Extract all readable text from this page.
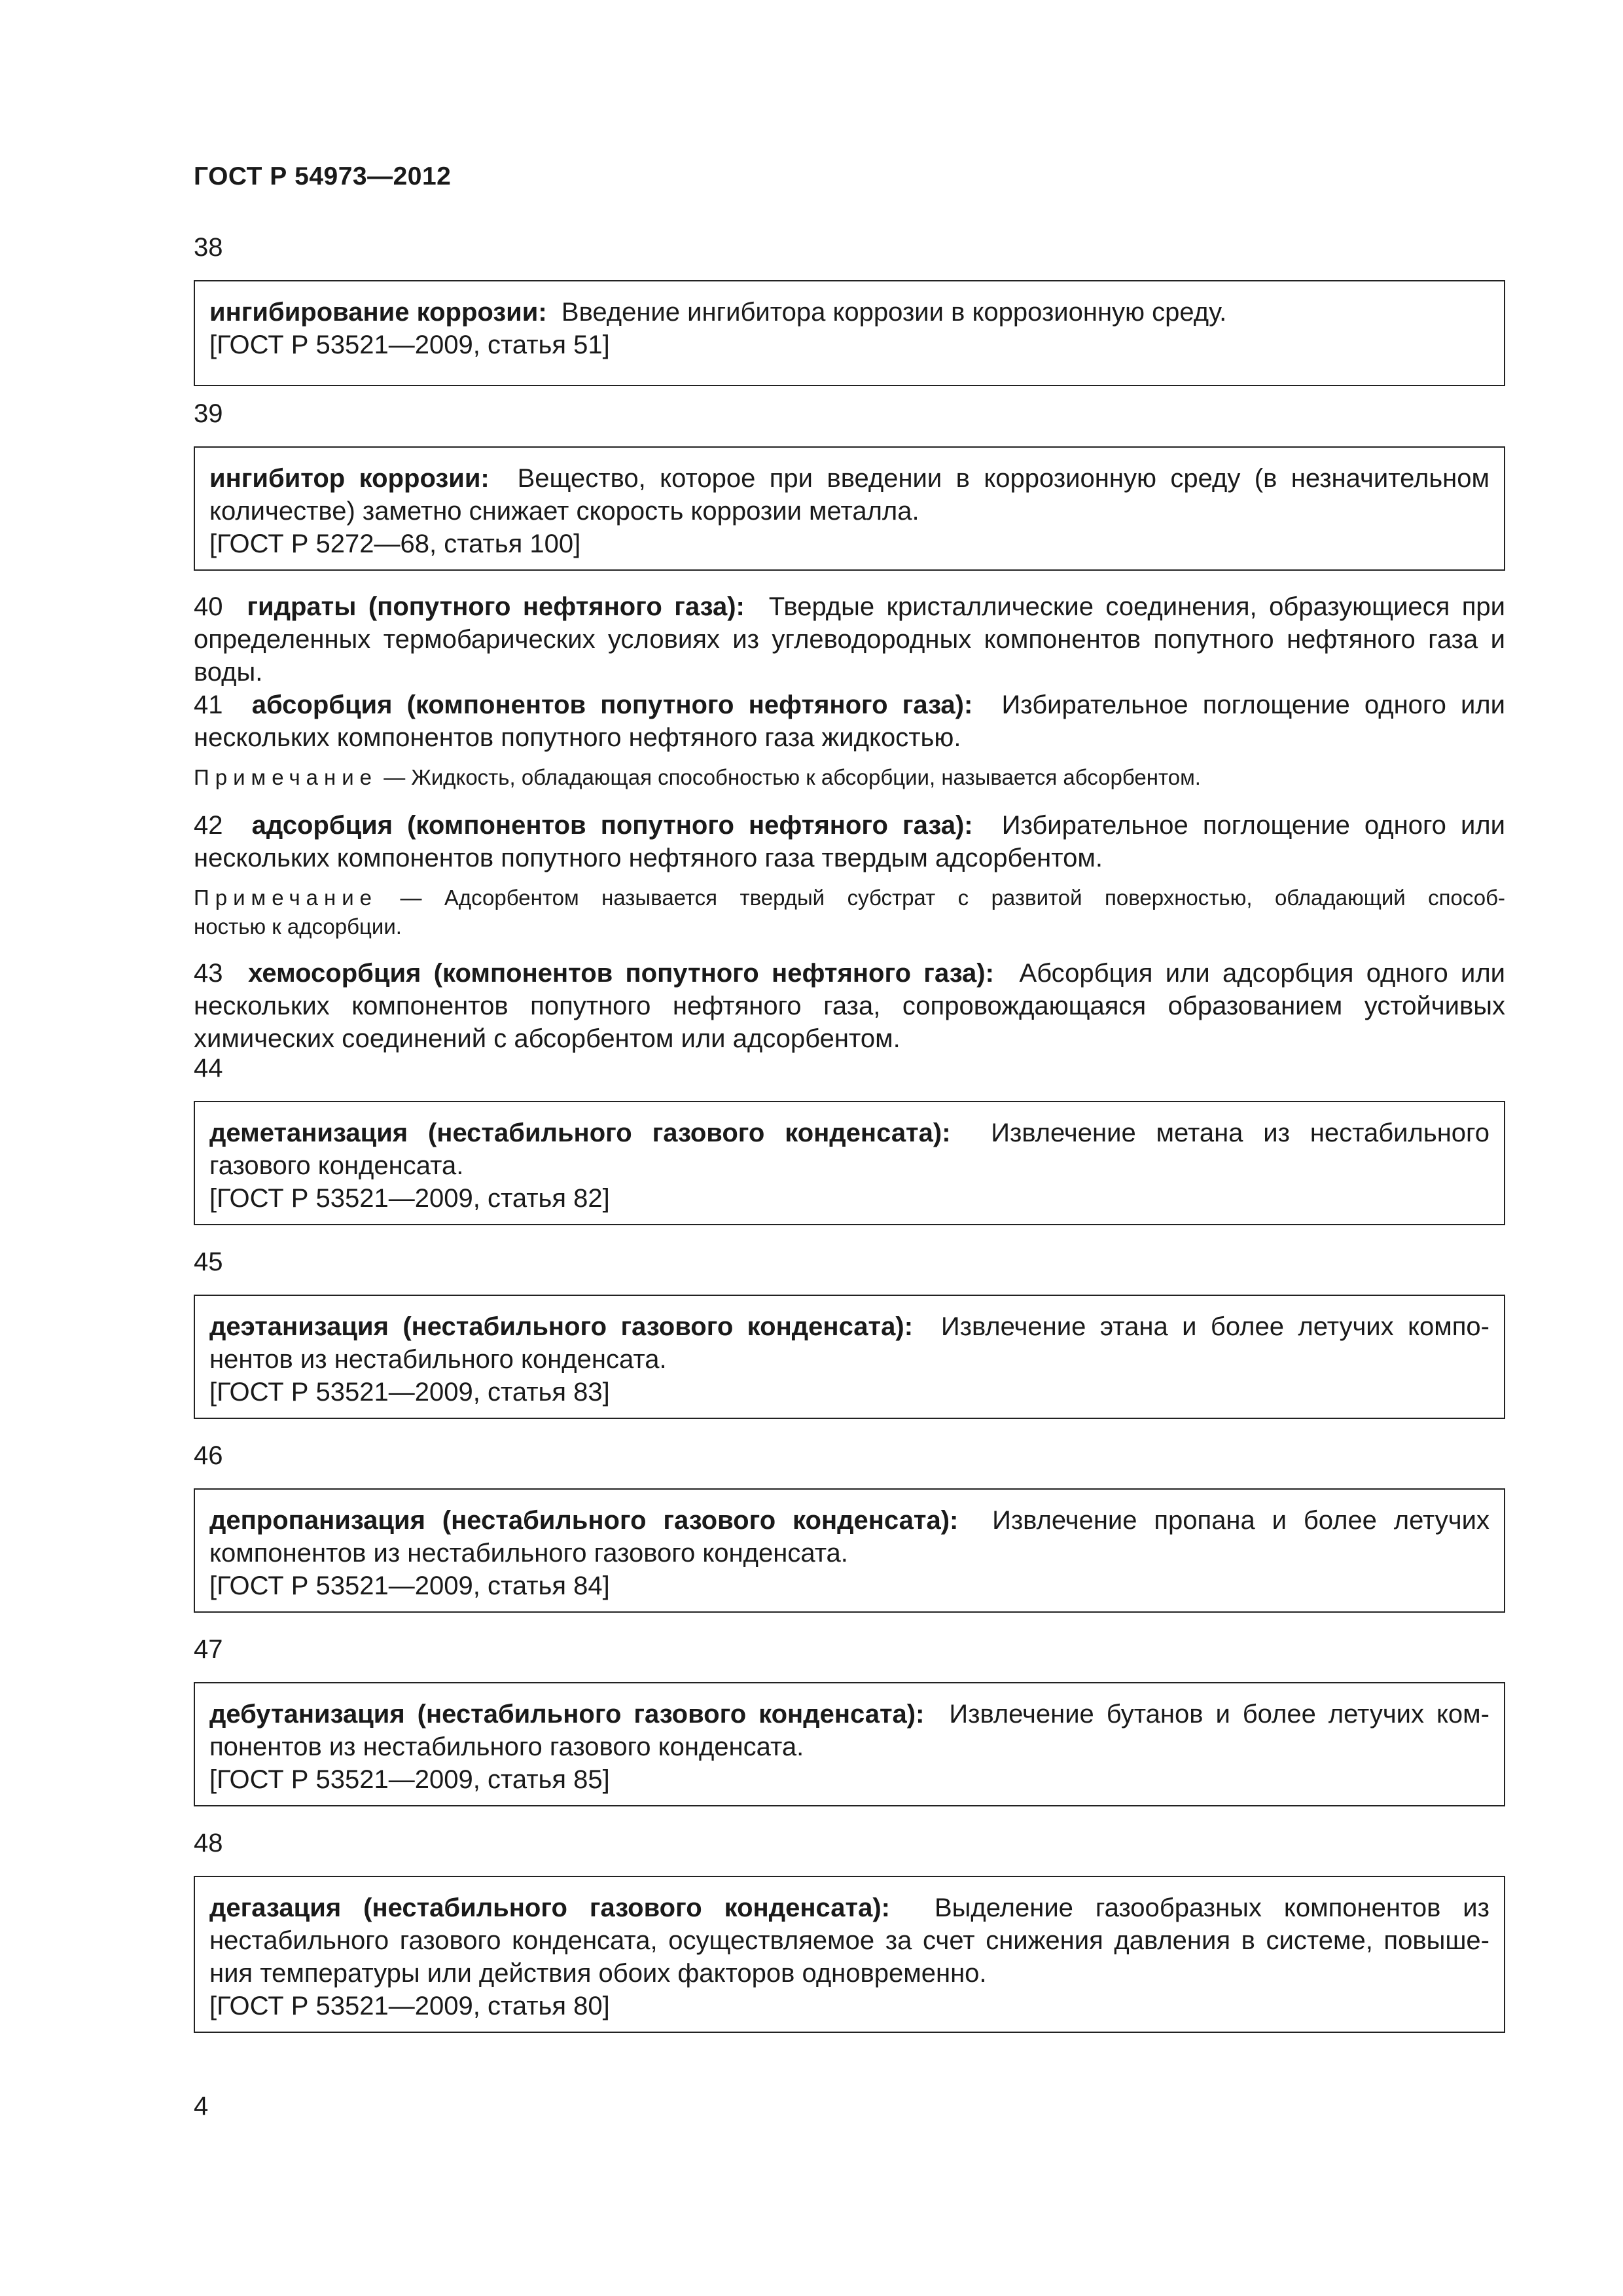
ГОСТ Р 54973—2012
38

ингибирование коррозии: Введение ингибитора коррозии в коррозионную среду.

[ГОСТ Р 53521—2009, статья 51]

39

ингибитор коррозии: Вещество, которое при введении в коррозионную среду (в незначительном

количестве) заметно снижает скорость коррозии металла.

[ГОСТ Р 5272—68, статья 100]

40 гидраты (попутного нефтяного газа): Твердые кристаллические соединения, образующиеся при определенных термобарических условиях из углеводородных компонентов попутного нефтяного газа и воды.

41 абсорбция (компонентов попутного нефтяного газа): Избирательное поглощение одного или нескольких компонентов попутного нефтяного газа жидкостью.

Примечание — Жидкость, обладающая способностью к абсорбции, называется абсорбентом.

42 адсорбция (компонентов попутного нефтяного газа): Избирательное поглощение одного или нескольких компонентов попутного нефтяного газа твердым адсорбентом.

Примечание — Адсорбентом называется твердый субстрат с развитой поверхностью, обладающий способ-
ностью к адсорбции.

43 хемосорбция (компонентов попутного нефтяного газа): Абсорбция или адсорбция одного или нескольких компонентов попутного нефтяного газа, сопровождающаяся образованием устойчивых химических соединений с абсорбентом или адсорбентом.

44

деметанизация (нестабильного газового конденсата): Извлечение метана из нестабильного

газового конденсата.

[ГОСТ Р 53521—2009, статья 82]

45

деэтанизация (нестабильного газового конденсата): Извлечение этана и более летучих компо-

нентов из нестабильного конденсата.

[ГОСТ Р 53521—2009, статья 83]

46

депропанизация (нестабильного газового конденсата): Извлечение пропана и более летучих

компонентов из нестабильного газового конденсата.

[ГОСТ Р 53521—2009, статья 84]

47

дебутанизация (нестабильного газового конденсата): Извлечение бутанов и более летучих ком-

понентов из нестабильного газового конденсата.

[ГОСТ Р 53521—2009, статья 85]

48

дегазация (нестабильного газового конденсата): Выделение газообразных компонентов из

нестабильного газового конденсата, осуществляемое за счет снижения давления в системе, повыше-

ния температуры или действия обоих факторов одновременно.

[ГОСТ Р 53521—2009, статья 80]

4
